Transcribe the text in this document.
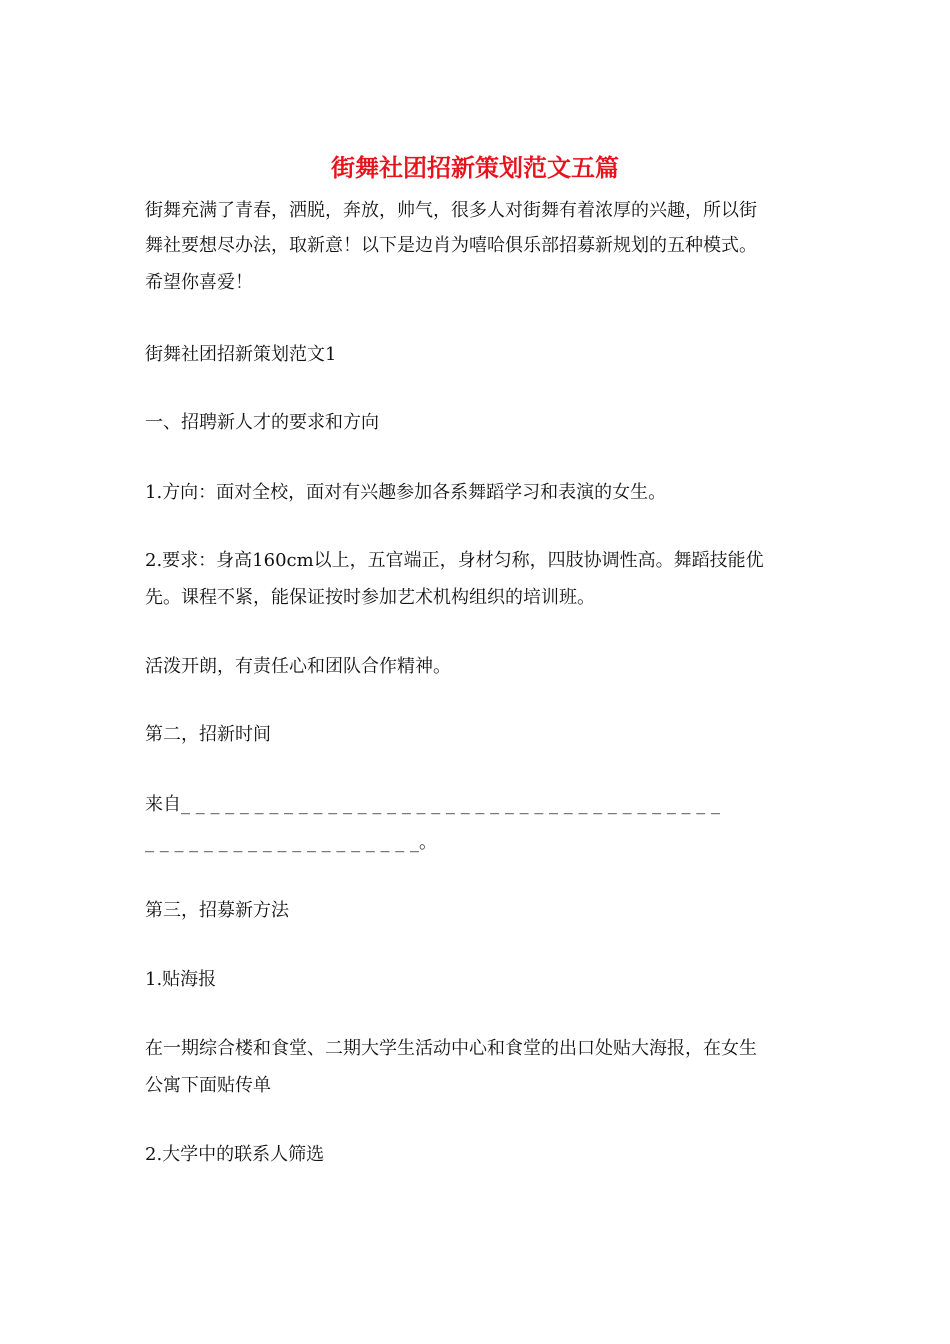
街舞社团招新策划范文五篇

街舞充满了青春，洒脱，奔放，帅气，很多人对街舞有着浓厚的兴趣，所以街

舞社要想尽办法，取新意！以下是边肖为嘻哈俱乐部招募新规划的五种模式。

希望你喜爱！

街舞社团招新策划范文1

一、招聘新人才的要求和方向

1.方向：面对全校，面对有兴趣参加各系舞蹈学习和表演的女生。

2.要求：身高160cm以上，五官端正，身材匀称，四肢协调性高。舞蹈技能优

先。课程不紧，能保证按时参加艺术机构组织的培训班。

活泼开朗，有责任心和团队合作精神。

第二，招新时间

来自_ _ _ _ _ _ _ _ _ _ _ _ _ _ _ _ _ _ _ _ _ _ _ _ _ _ _ _ _ _ _ _ _ _ _ _ _

_ _ _ _ _ _ _ _ _ _ _ _ _ _ _ _ _ _ _。

第三，招募新方法

1.贴海报

在一期综合楼和食堂、二期大学生活动中心和食堂的出口处贴大海报，在女生

公寓下面贴传单

2.大学中的联系人筛选
